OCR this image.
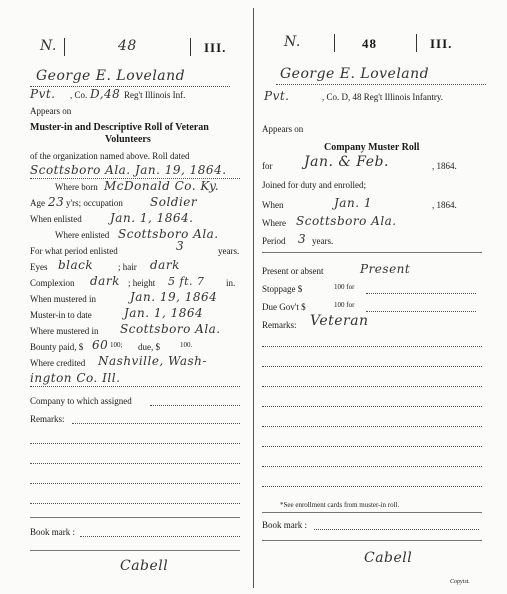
N.	48	III.
George E. Loveland
Pvt. , Co. D, 48 Reg't Illinois Inf.
Appears on
Muster-in and Descriptive Roll of Veteran
Volunteers
of the organization named above. Roll dated
Scottsboro Ala. Jan. 19, 1864.
Where born McDonald Co. Ky.
Age 23 y'rs; occupation Soldier
When enlisted Jan. 1, 1864.
Where enlisted Scottsboro Ala.
For what period enlisted	3	years.
Eyes black	; hair dark
Complexion dark ; height 5 ft. 7 in.
When mustered in	Jan. 19, 1864
Muster-in to date	Jan. 1, 1864
Where mustered in Scottsboro Ala.
Bounty paid, $ 60 100; due, $	100.
Where credited Nashville, Wash-
ington Co. Ill.
Company to which assigned
Remarks:
Book mark :
Cabell
N.	48	III.
George E. Loveland
Pvt.	, Co. D, 48 Reg't Illinois Infantry.
Appears on
Company Muster Roll
for Jan. & Feb.	, 1864.
Joined for duty and enrolled;
When	Jan. 1	, 1864.
Where Scottsboro Ala.
Period 3 years.
Present or absent	Present
Stoppage $	100 for
Due Gov't $	100 for
Remarks: Veteran
*See enrollment cards from muster-in roll.
Book mark :
Cabell
Copyist.
